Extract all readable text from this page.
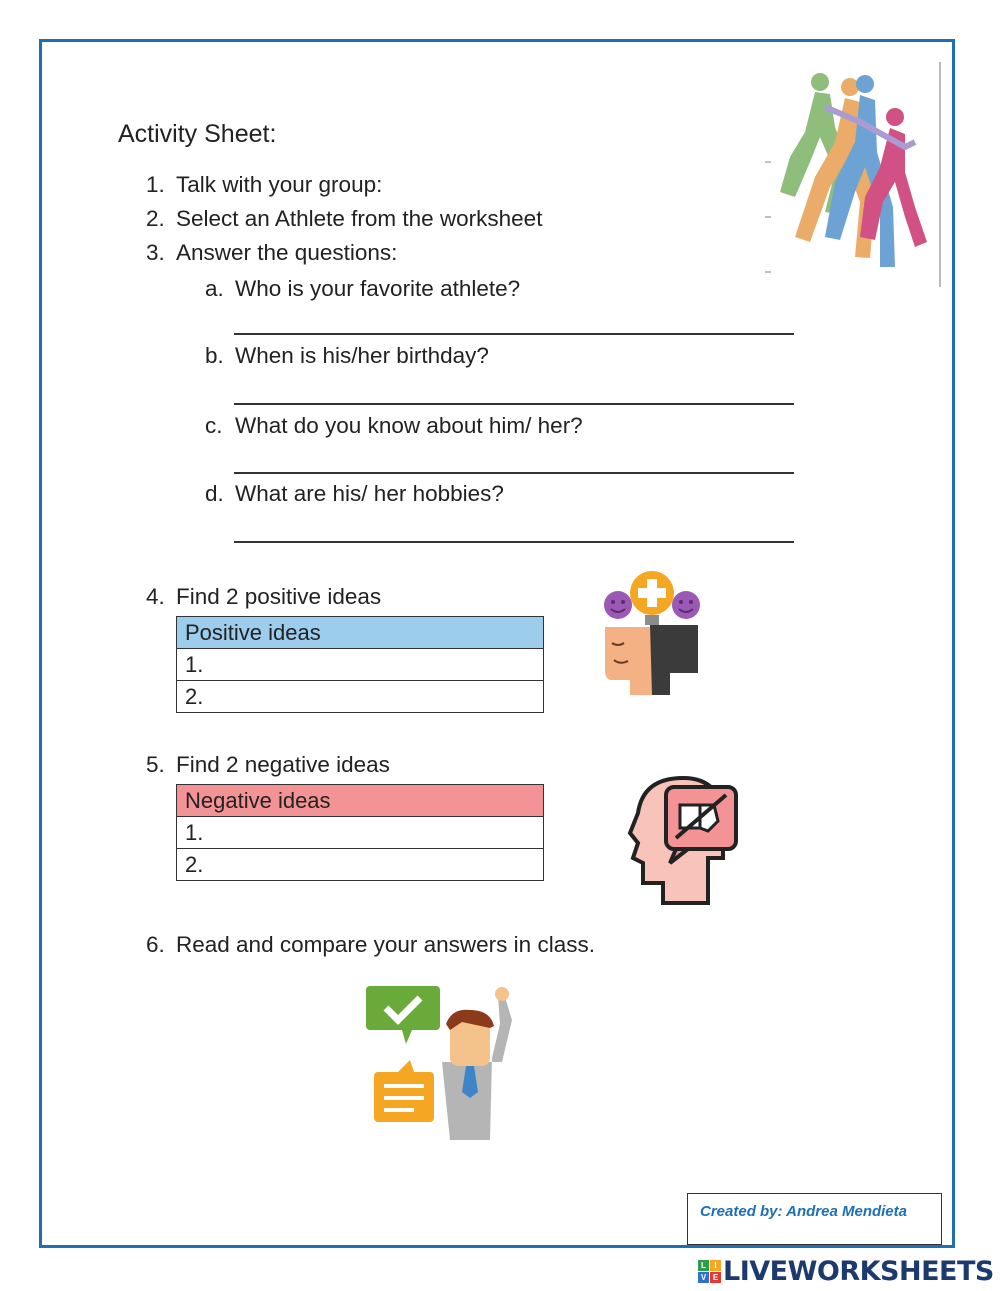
Activity Sheet:
1. Talk with your group:
2. Select an Athlete from the worksheet
3. Answer the questions:
a. Who is your favorite athlete?
b. When is his/her birthday?
c. What do you know about him/ her?
d. What are his/ her hobbies?
4. Find 2 positive ideas
Positive ideas
1.
2.
5. Find 2 negative ideas
Negative ideas
1.
2.
6. Read and compare your answers in class.
Created by: Andrea Mendieta
L	I
V E LIVEWORKSHEETS
